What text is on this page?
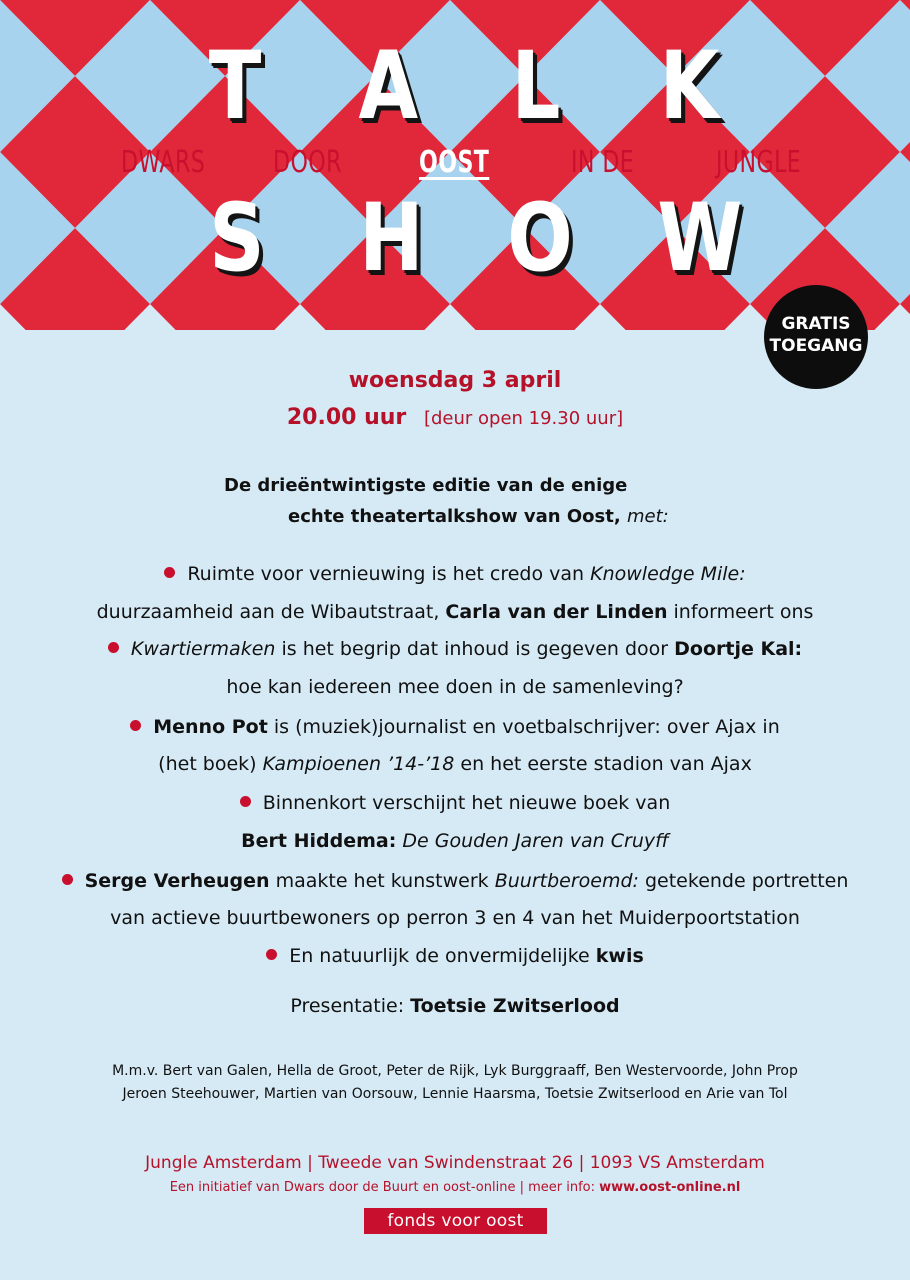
T A L K
DWARS DOOR	OOST	IN DE	JUNGLE
S H O W
GRATIS
TOEGANG
woensdag 3 april
20.00 uur [deur open 19.30 uur]
De drieëntwintigste editie van de enige
echte theatertalkshow van Oost, met:
Ruimte voor vernieuwing is het credo van Knowledge Mile:
duurzaamheid aan de Wibautstraat, Carla van der Linden informeert ons
Kwartiermaken is het begrip dat inhoud is gegeven door Doortje Kal:
hoe kan iedereen mee doen in de samenleving?
Menno Pot is (muziek)journalist en voetbalschrijver: over Ajax in
(het boek) Kampioenen ’14-’18 en het eerste stadion van Ajax
Binnenkort verschijnt het nieuwe boek van
Bert Hiddema: De Gouden Jaren van Cruyff
Serge Verheugen maakte het kunstwerk Buurtberoemd: getekende portretten
van actieve buurtbewoners op perron 3 en 4 van het Muiderpoortstation
En natuurlijk de onvermijdelijke kwis
Presentatie: Toetsie Zwitserlood
M.m.v. Bert van Galen, Hella de Groot, Peter de Rijk, Lyk Burggraaff, Ben Westervoorde, John Prop
Jeroen Steehouwer, Martien van Oorsouw, Lennie Haarsma, Toetsie Zwitserlood en Arie van Tol
Jungle Amsterdam | Tweede van Swindenstraat 26 | 1093 VS Amsterdam
Een initiatief van Dwars door de Buurt en oost-online | meer info: www.oost-online.nl
fonds voor oost
